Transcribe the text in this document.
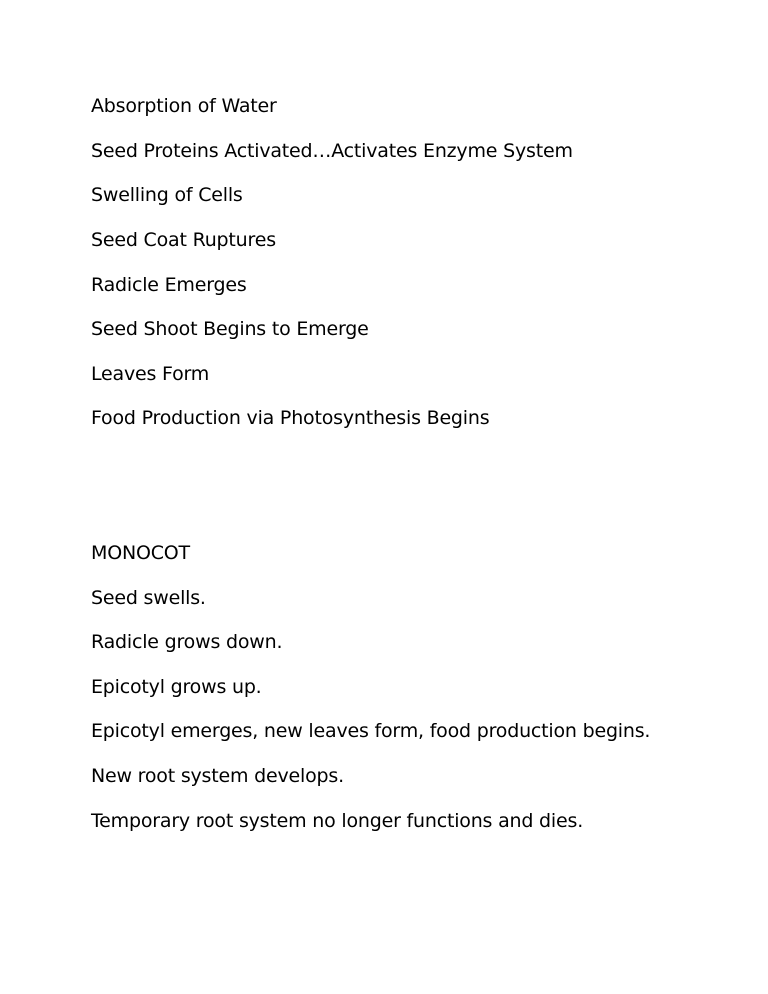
Absorption of Water
Seed Proteins Activated…Activates Enzyme System
Swelling of Cells
Seed Coat Ruptures
Radicle Emerges
Seed Shoot Begins to Emerge
Leaves Form
Food Production via Photosynthesis Begins
MONOCOT
Seed swells.
Radicle grows down.
Epicotyl grows up.
Epicotyl emerges, new leaves form, food production begins.
New root system develops.
Temporary root system no longer functions and dies.
